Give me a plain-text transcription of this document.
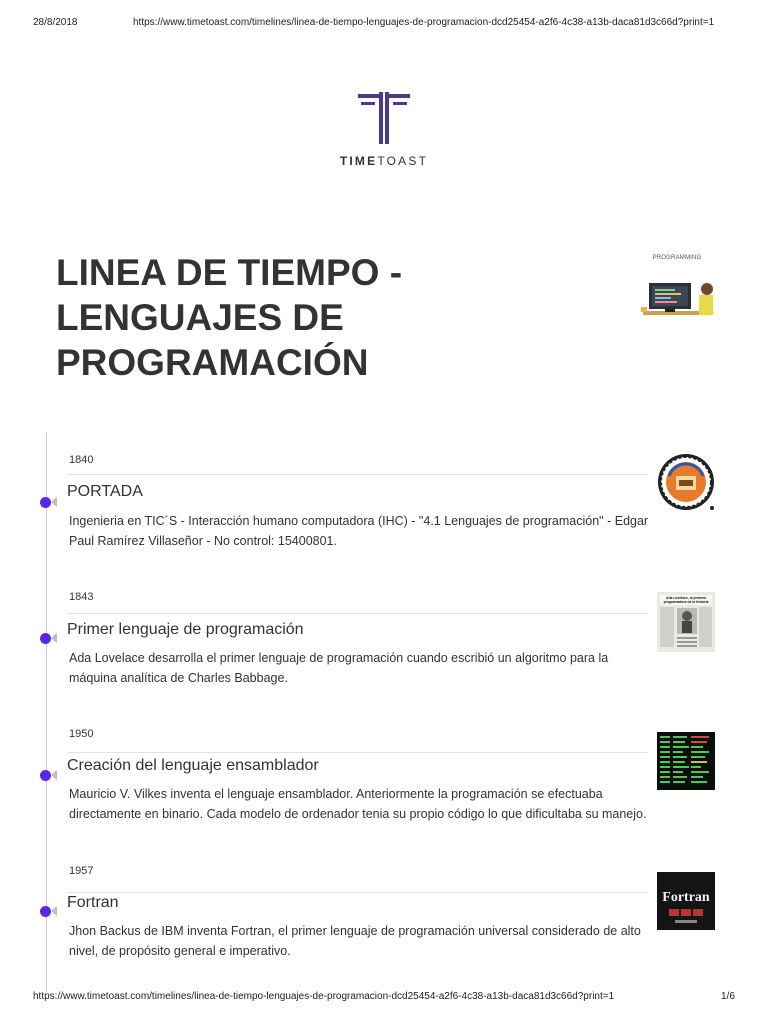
28/8/2018	https://www.timetoast.com/timelines/linea-de-tiempo-lenguajes-de-programacion-dcd25454-a2f6-4c38-a13b-daca81d3c66d?print=1
TIMETOAST
LINEA DE TIEMPO -
LENGUAJES DE
PROGRAMACIÓN
PROGRAMMING
1840
PORTADA
Ingenieria en TIC´S - Interacción humano computadora (IHC) - "4.1 Lenguajes de programación" - Edgar Paul Ramírez Villaseñor - No control: 15400801.
1843
Primer lenguaje de programación
Ada Lovelace desarrolla el primer lenguaje de programación cuando escribió un algoritmo para la máquina analítica de Charles Babbage.
Ada Lovelace, la primera
programadora de la historia
1950
Creación del lenguaje ensamblador
Mauricio V. Vilkes inventa el lenguaje ensamblador. Anteriormente la programación se efectuaba directamente en binario. Cada modelo de ordenador tenia su propio código lo que dificultaba su manejo.
1957
Fortran
Jhon Backus de IBM inventa Fortran, el primer lenguaje de programación universal considerado de alto nivel, de propósito general e imperativo.
Fortran
https://www.timetoast.com/timelines/linea-de-tiempo-lenguajes-de-programacion-dcd25454-a2f6-4c38-a13b-daca81d3c66d?print=1	1/6
